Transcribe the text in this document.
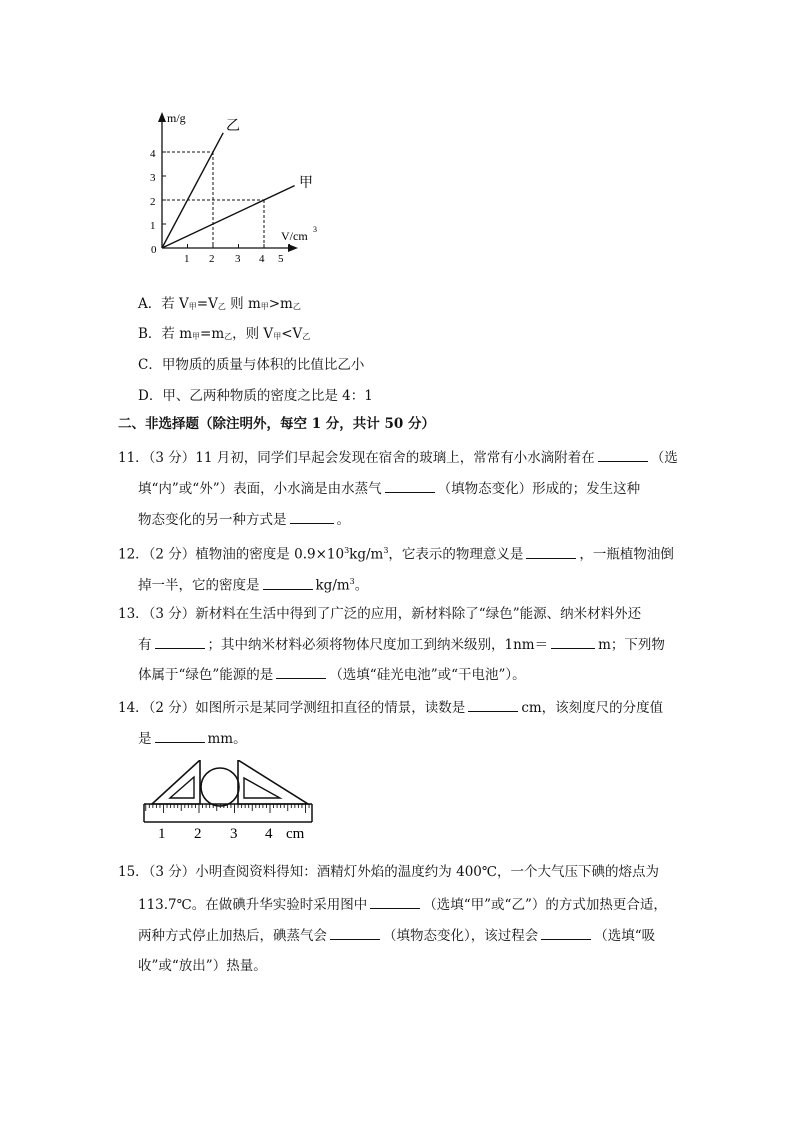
m/g
V/cm 3
4
3
2
1
0
1 2 3 4 5
乙
甲
A．若 V甲=V乙 则 m甲>m乙
B．若 m甲=m乙，则 V甲<V乙
C．甲物质的质量与体积的比值比乙小
D．甲、乙两种物质的密度之比是 4：1
二、非选择题（除注明外，每空 1 分，共计 50 分）
11．（3 分）11 月初，同学们早起会发现在宿舍的玻璃上，常常有小水滴附着在	（选
填“内”或“外”）表面，小水滴是由水蒸气	（填物态变化）形成的；发生这种
物态变化的另一种方式是	。
12．（2 分）植物油的密度是 $0.9\times 10^3kg/m^3$，它表示的物理意义是	，一瓶植物油倒
掉一半，它的密度是	$kg/m^3$。
13．（3 分）新材料在生活中得到了广泛的应用，新材料除了“绿色”能源、纳米材料外还
有	；其中纳米材料必须将物体尺度加工到纳米级别，1nm＝	m；下列物
体属于“绿色”能源的是	（选填“硅光电池”或“干电池”）。
14．（2 分）如图所示是某同学测纽扣直径的情景，读数是	cm，该刻度尺的分度值
是	mm。
1 2 3 4 cm
15．（3 分）小明查阅资料得知：酒精灯外焰的温度约为 400℃，一个大气压下碘的熔点为
113.7℃。在做碘升华实验时采用图中	（选填“甲”或“乙”）的方式加热更合适，
两种方式停止加热后，碘蒸气会	（填物态变化），该过程会	（选填“吸
收”或“放出”）热量。
